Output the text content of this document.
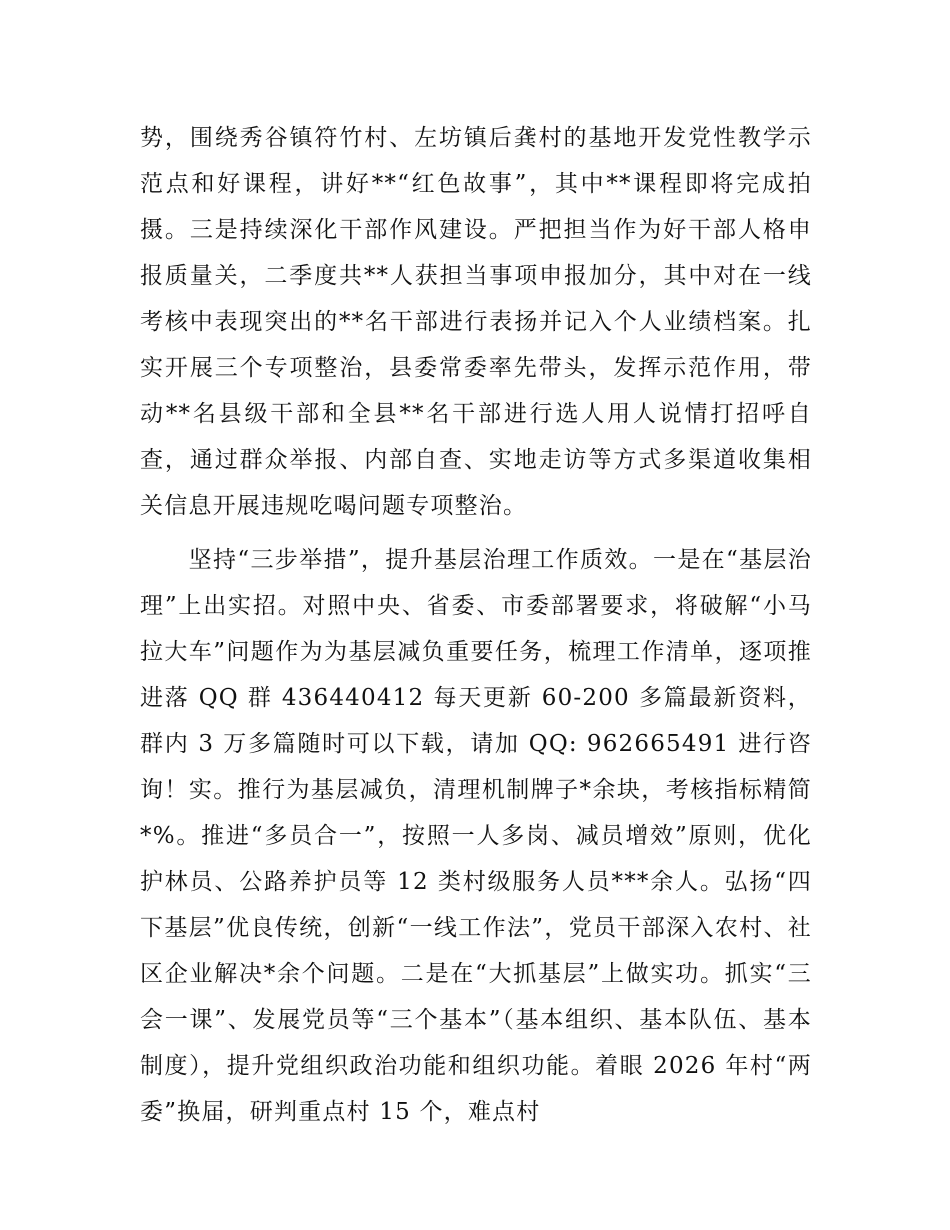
势，围绕秀谷镇符竹村、左坊镇后龚村的基地开发党性教学示范点和好课程，讲好**“红色故事”，其中**课程即将完成拍摄。三是持续深化干部作风建设。严把担当作为好干部人格申报质量关，二季度共**人获担当事项申报加分，其中对在一线考核中表现突出的**名干部进行表扬并记入个人业绩档案。扎实开展三个专项整治，县委常委率先带头，发挥示范作用，带动**名县级干部和全县**名干部进行选人用人说情打招呼自查，通过群众举报、内部自查、实地走访等方式多渠道收集相关信息开展违规吃喝问题专项整治。

　　坚持“三步举措”，提升基层治理工作质效。一是在“基层治理”上出实招。对照中央、省委、市委部署要求，将破解“小马拉大车”问题作为为基层减负重要任务，梳理工作清单，逐项推进落 QQ 群 436440412 每天更新 60-200 多篇最新资料，群内 3 万多篇随时可以下载，请加 QQ: 962665491 进行咨询！实。推行为基层减负，清理机制牌子*余块，考核指标精简*%。推进“多员合一”，按照一人多岗、减员增效”原则，优化护林员、公路养护员等 12 类村级服务人员***余人。弘扬“四下基层”优良传统，创新“一线工作法”，党员干部深入农村、社区企业解决*余个问题。二是在“大抓基层”上做实功。抓实“三会一课”、发展党员等“三个基本”（基本组织、基本队伍、基本制度），提升党组织政治功能和组织功能。着眼 2026 年村“两委”换届，研判重点村 15 个，难点村
